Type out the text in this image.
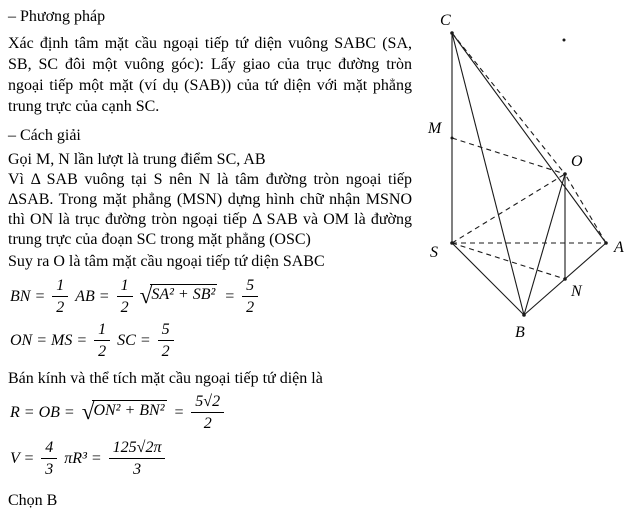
– Phương pháp
Xác định tâm mặt cầu ngoại tiếp tứ diện vuông SABC (SA,
SB, SC đôi một vuông góc): Lấy giao của trục đường tròn
ngoại tiếp một mặt (ví dụ (SAB)) của tứ diện với mặt phẳng
trung trực của cạnh SC.
– Cách giải
Gọi M, N lần lượt là trung điểm SC, AB
Vì Δ SAB vuông tại S nên N là tâm đường tròn ngoại tiếp
ΔSAB. Trong mặt phẳng (MSN) dựng hình chữ nhận MSNO
thì ON là trục đường tròn ngoại tiếp Δ SAB và OM là đường
trung trực của đoạn SC trong mặt phẳng (OSC)
Suy ra O là tâm mặt cầu ngoại tiếp tứ diện SABC
BN = $\frac{1}{2}$ AB = $\frac{1}{2} √SA^2 + SB^2 = \frac{5}{2}$
ON = MS = $\frac{1}{2}$ SC = $\frac{5}{2}$
Bán kính và thể tích mặt cầu ngoại tiếp tứ diện là
R = OB = $√ON^2 + BN^2 = \frac{5√2}{2}$
$V = \frac{4}{3} \pi R^3 = \frac{125√2\pi}{3}$
Chọn B
C
M
S	A
N
B
O
